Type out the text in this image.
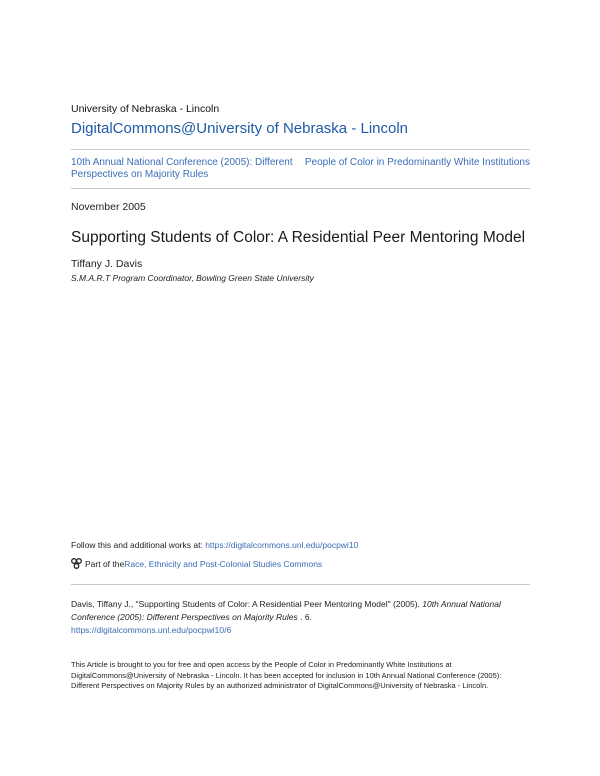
University of Nebraska - Lincoln
DigitalCommons@University of Nebraska - Lincoln
10th Annual National Conference (2005): Different Perspectives on Majority Rules
People of Color in Predominantly White Institutions
November 2005
Supporting Students of Color: A Residential Peer Mentoring Model
Tiffany J. Davis
S.M.A.R.T Program Coordinator, Bowling Green State University
Follow this and additional works at: https://digitalcommons.unl.edu/pocpwi10
Part of the Race, Ethnicity and Post-Colonial Studies Commons
Davis, Tiffany J., "Supporting Students of Color: A Residential Peer Mentoring Model" (2005). 10th Annual National Conference (2005): Different Perspectives on Majority Rules . 6.
https://digitalcommons.unl.edu/pocpwi10/6
This Article is brought to you for free and open access by the People of Color in Predominantly White Institutions at DigitalCommons@University of Nebraska - Lincoln. It has been accepted for inclusion in 10th Annual National Conference (2005): Different Perspectives on Majority Rules by an authorized administrator of DigitalCommons@University of Nebraska - Lincoln.
